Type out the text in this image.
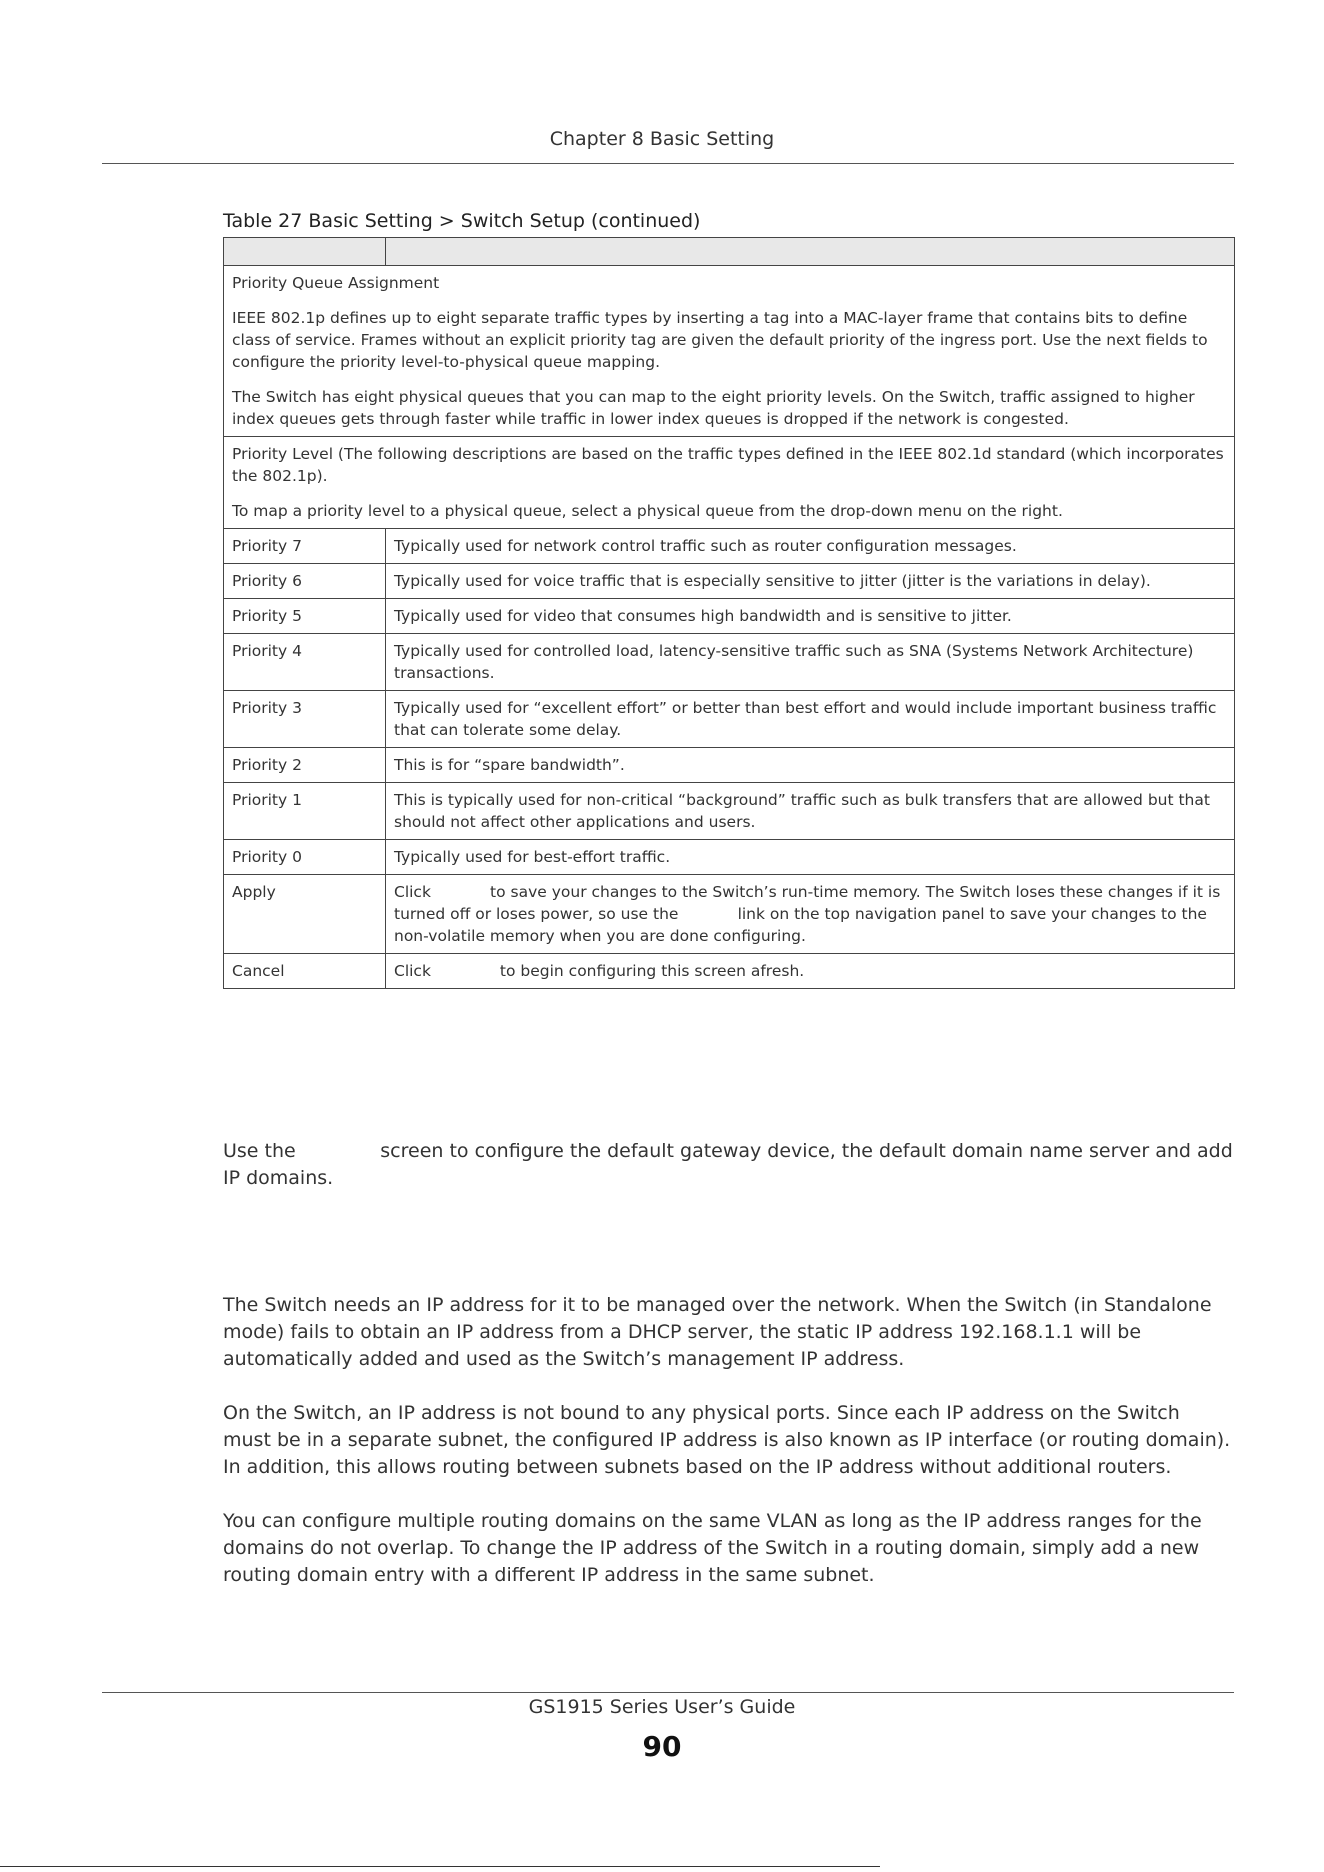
Chapter 8 Basic Setting
Table 27 Basic Setting > Switch Setup (continued)

Priority Queue Assignment

IEEE 802.1p defines up to eight separate traffic types by inserting a tag into a MAC-layer frame that contains bits to define class of service. Frames without an explicit priority tag are given the default priority of the ingress port. Use the next fields to configure the priority level-to-physical queue mapping.

The Switch has eight physical queues that you can map to the eight priority levels. On the Switch, traffic assigned to higher index queues gets through faster while traffic in lower index queues is dropped if the network is congested.	

Priority Level (The following descriptions are based on the traffic types defined in the IEEE 802.1d standard (which incorporates the 802.1p).

To map a priority level to a physical queue, select a physical queue from the drop-down menu on the right.	

Priority 7	Typically used for network control traffic such as router configuration messages.
Priority 6	Typically used for voice traffic that is especially sensitive to jitter (jitter is the variations in delay).
Priority 5	Typically used for video that consumes high bandwidth and is sensitive to jitter.
Priority 4	Typically used for controlled load, latency-sensitive traffic such as SNA (Systems Network Architecture) transactions.
Priority 3	Typically used for “excellent effort” or better than best effort and would include important business traffic that can tolerate some delay.
Priority 2	This is for “spare bandwidth”.
Priority 1	This is typically used for non-critical “background” traffic such as bulk transfers that are allowed but that should not affect other applications and users.
Priority 0	Typically used for best-effort traffic.
Apply	Click            to save your changes to the Switch’s run-time memory. The Switch loses these changes if it is turned off or loses power, so use the            link on the top navigation panel to save your changes to the non-volatile memory when you are done configuring.
Cancel	Click              to begin configuring this screen afresh.

Use the              screen to configure the default gateway device, the default domain name server and add IP domains.

The Switch needs an IP address for it to be managed over the network. When the Switch (in Standalone mode) fails to obtain an IP address from a DHCP server, the static IP address 192.168.1.1 will be automatically added and used as the Switch’s management IP address.

On the Switch, an IP address is not bound to any physical ports. Since each IP address on the Switch must be in a separate subnet, the configured IP address is also known as IP interface (or routing domain). In addition, this allows routing between subnets based on the IP address without additional routers.

You can configure multiple routing domains on the same VLAN as long as the IP address ranges for the domains do not overlap. To change the IP address of the Switch in a routing domain, simply add a new routing domain entry with a different IP address in the same subnet.

GS1915 Series User’s Guide
90
